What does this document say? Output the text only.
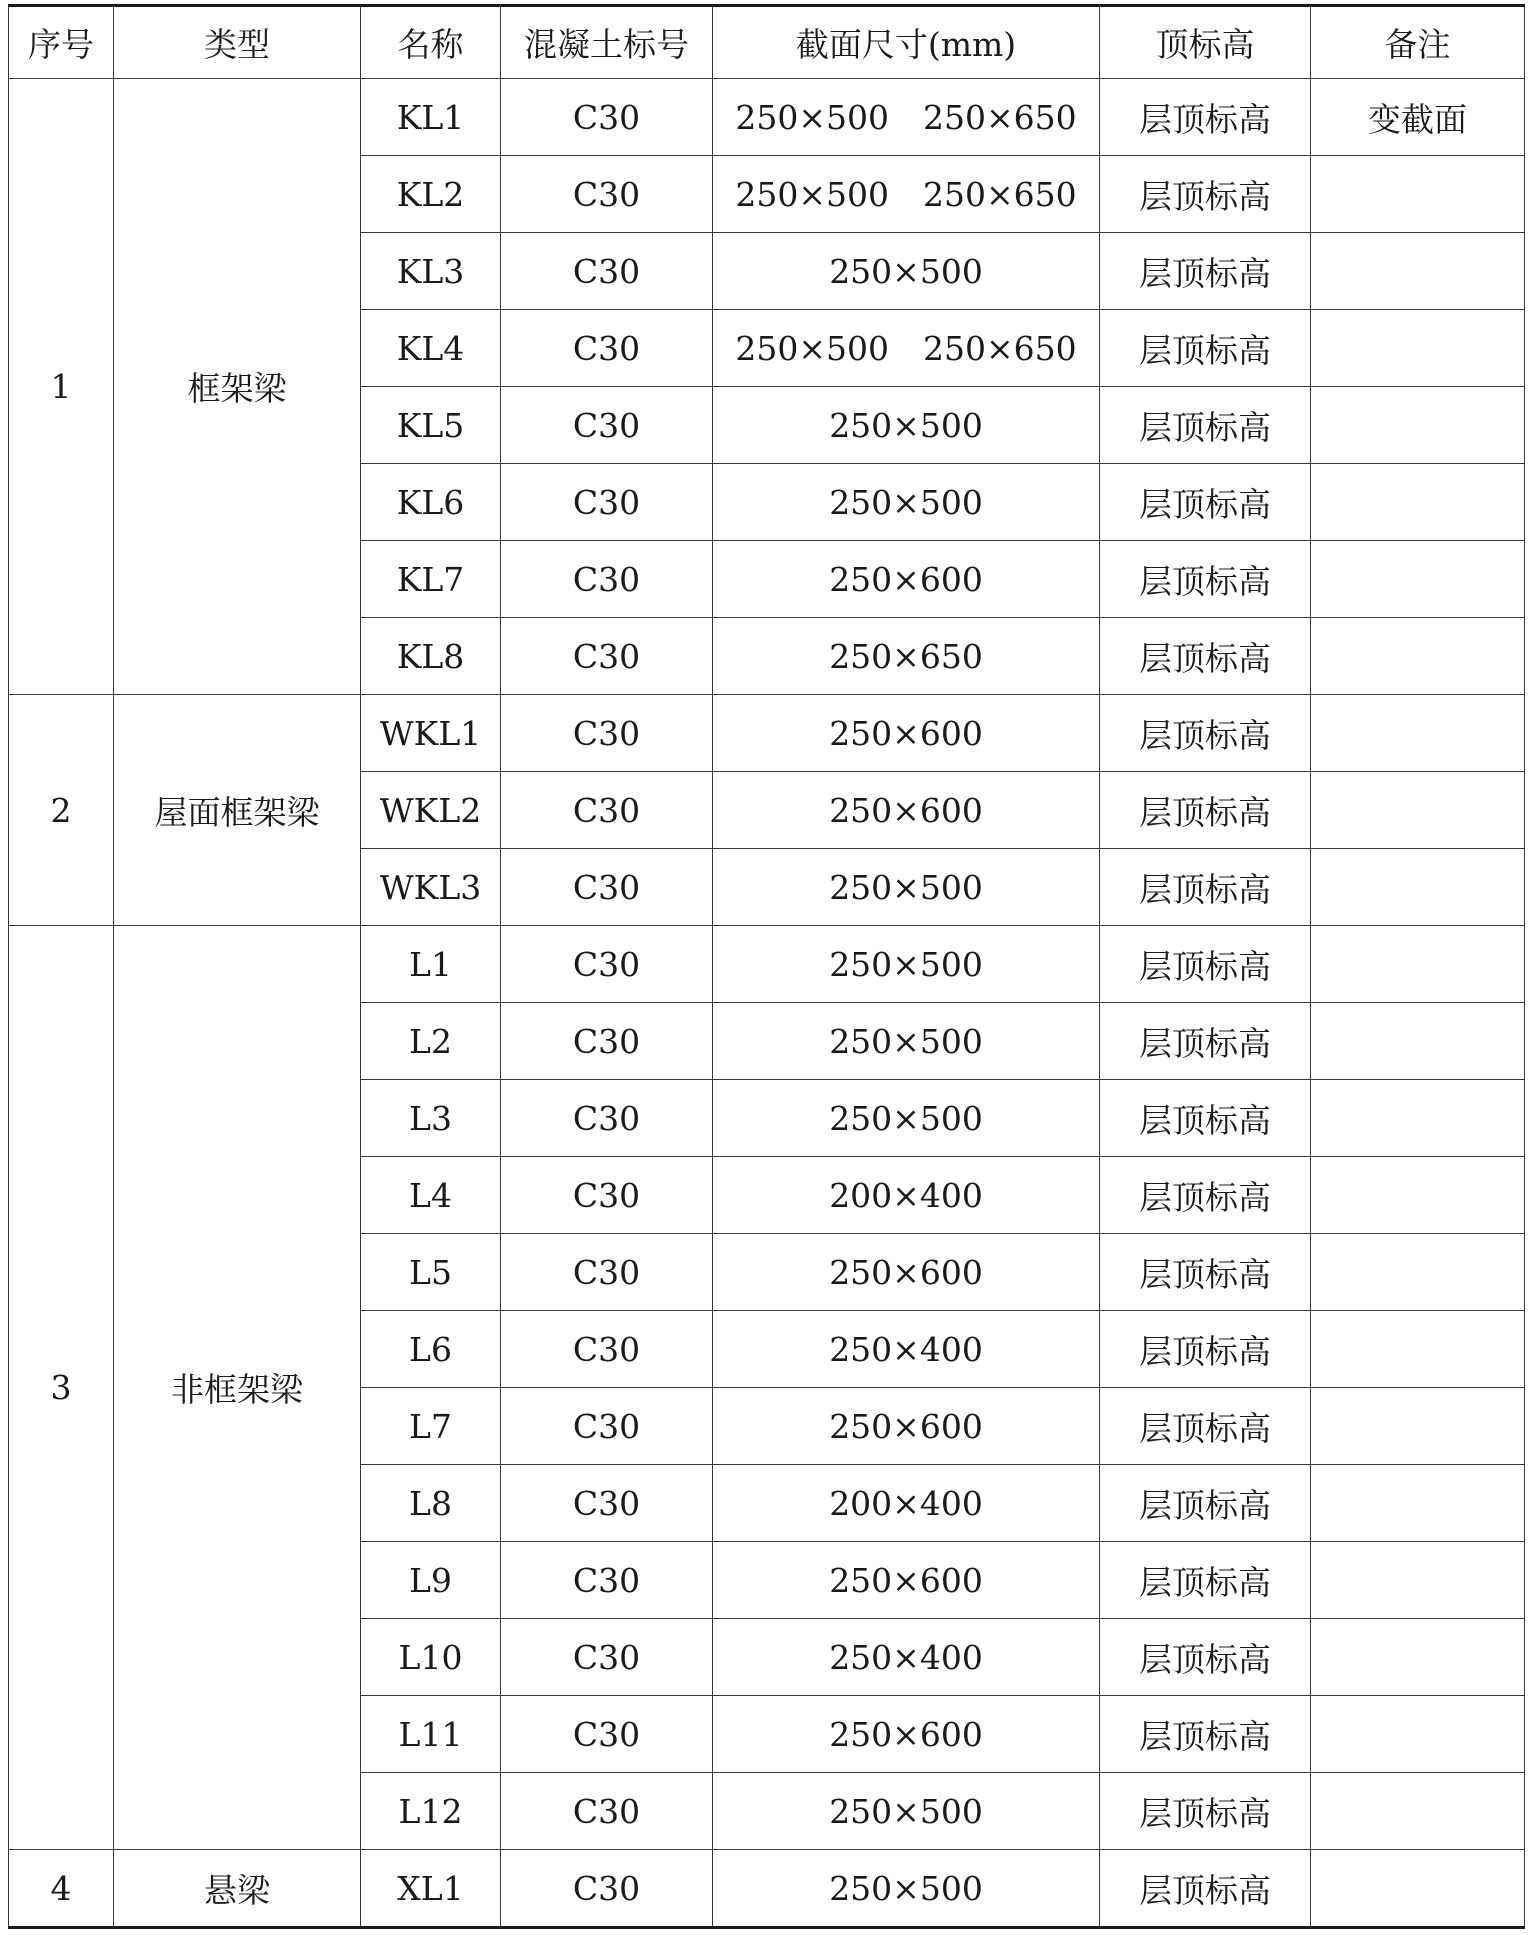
序号	类型	名称	混凝土标号	截面尺寸(mm)	顶标高	备注
1	框架梁	KL1	C30	250×500 250×650	层顶标高	变截面
		KL2	C30	250×500 250×650	层顶标高	
		KL3	C30	250×500	层顶标高	
		KL4	C30	250×500 250×650	层顶标高	
		KL5	C30	250×500	层顶标高	
		KL6	C30	250×500	层顶标高	
		KL7	C30	250×600	层顶标高	
		KL8	C30	250×650	层顶标高	
2	屋面框架梁	WKL1	C30	250×600	层顶标高	
		WKL2	C30	250×600	层顶标高	
		WKL3	C30	250×500	层顶标高	
3	非框架梁	L1	C30	250×500	层顶标高	
		L2	C30	250×500	层顶标高	
		L3	C30	250×500	层顶标高	
		L4	C30	200×400	层顶标高	
		L5	C30	250×600	层顶标高	
		L6	C30	250×400	层顶标高	
		L7	C30	250×600	层顶标高	
		L8	C30	200×400	层顶标高	
		L9	C30	250×600	层顶标高	
		L10	C30	250×400	层顶标高	
		L11	C30	250×600	层顶标高	
		L12	C30	250×500	层顶标高	
4	悬梁	XL1	C30	250×500	层顶标高	
